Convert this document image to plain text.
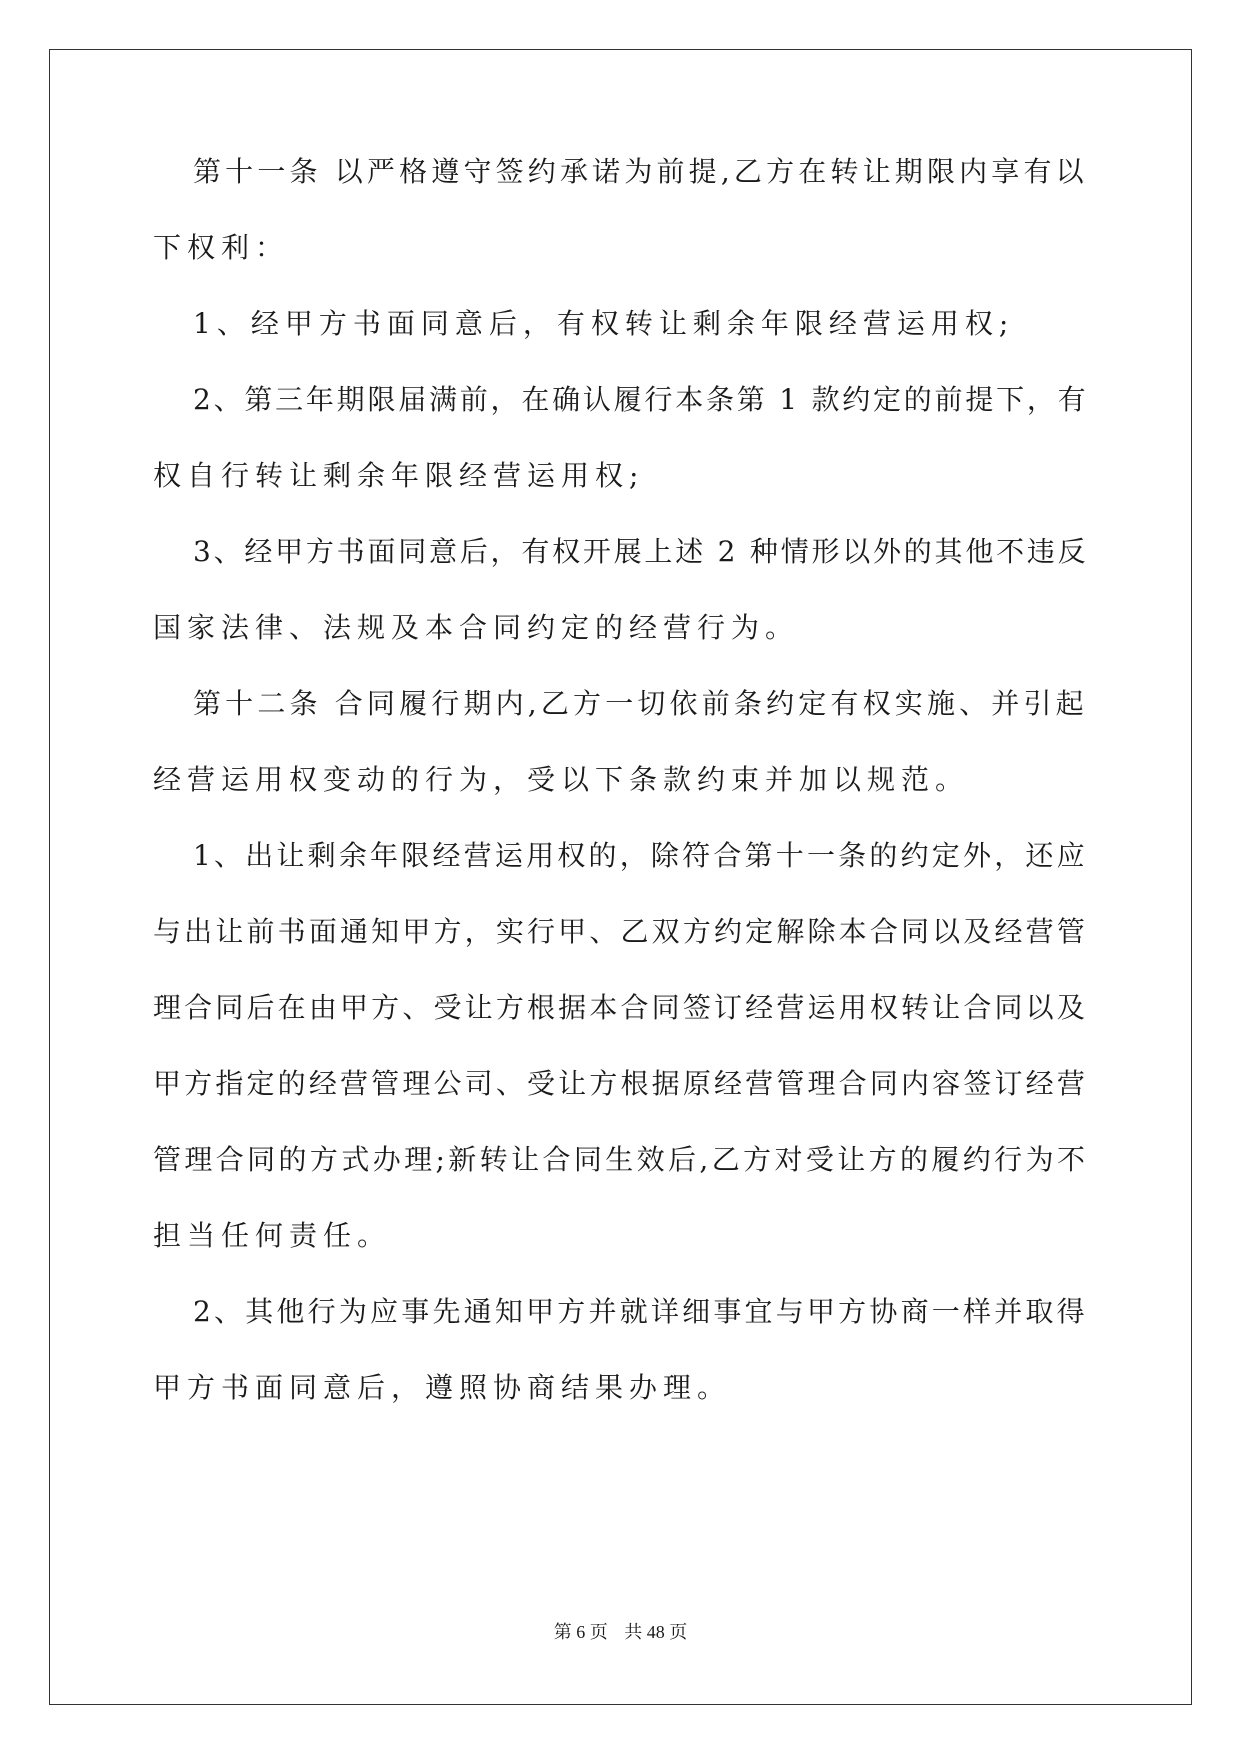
第十一条 以严格遵守签约承诺为前提,乙方在转让期限内享有以
下权利：
1、经甲方书面同意后，有权转让剩余年限经营运用权;
2、第三年期限届满前，在确认履行本条第 1 款约定的前提下，有
权自行转让剩余年限经营运用权;
3、经甲方书面同意后，有权开展上述 2 种情形以外的其他不违反
国家法律、法规及本合同约定的经营行为。
第十二条 合同履行期内,乙方一切依前条约定有权实施、并引起
经营运用权变动的行为，受以下条款约束并加以规范。
1、出让剩余年限经营运用权的，除符合第十一条的约定外，还应
与出让前书面通知甲方，实行甲、乙双方约定解除本合同以及经营管
理合同后在由甲方、受让方根据本合同签订经营运用权转让合同以及
甲方指定的经营管理公司、受让方根据原经营管理合同内容签订经营
管理合同的方式办理;新转让合同生效后,乙方对受让方的履约行为不
担当任何责任。
2、其他行为应事先通知甲方并就详细事宜与甲方协商一样并取得
甲方书面同意后，遵照协商结果办理。
第 6 页 共 48 页
